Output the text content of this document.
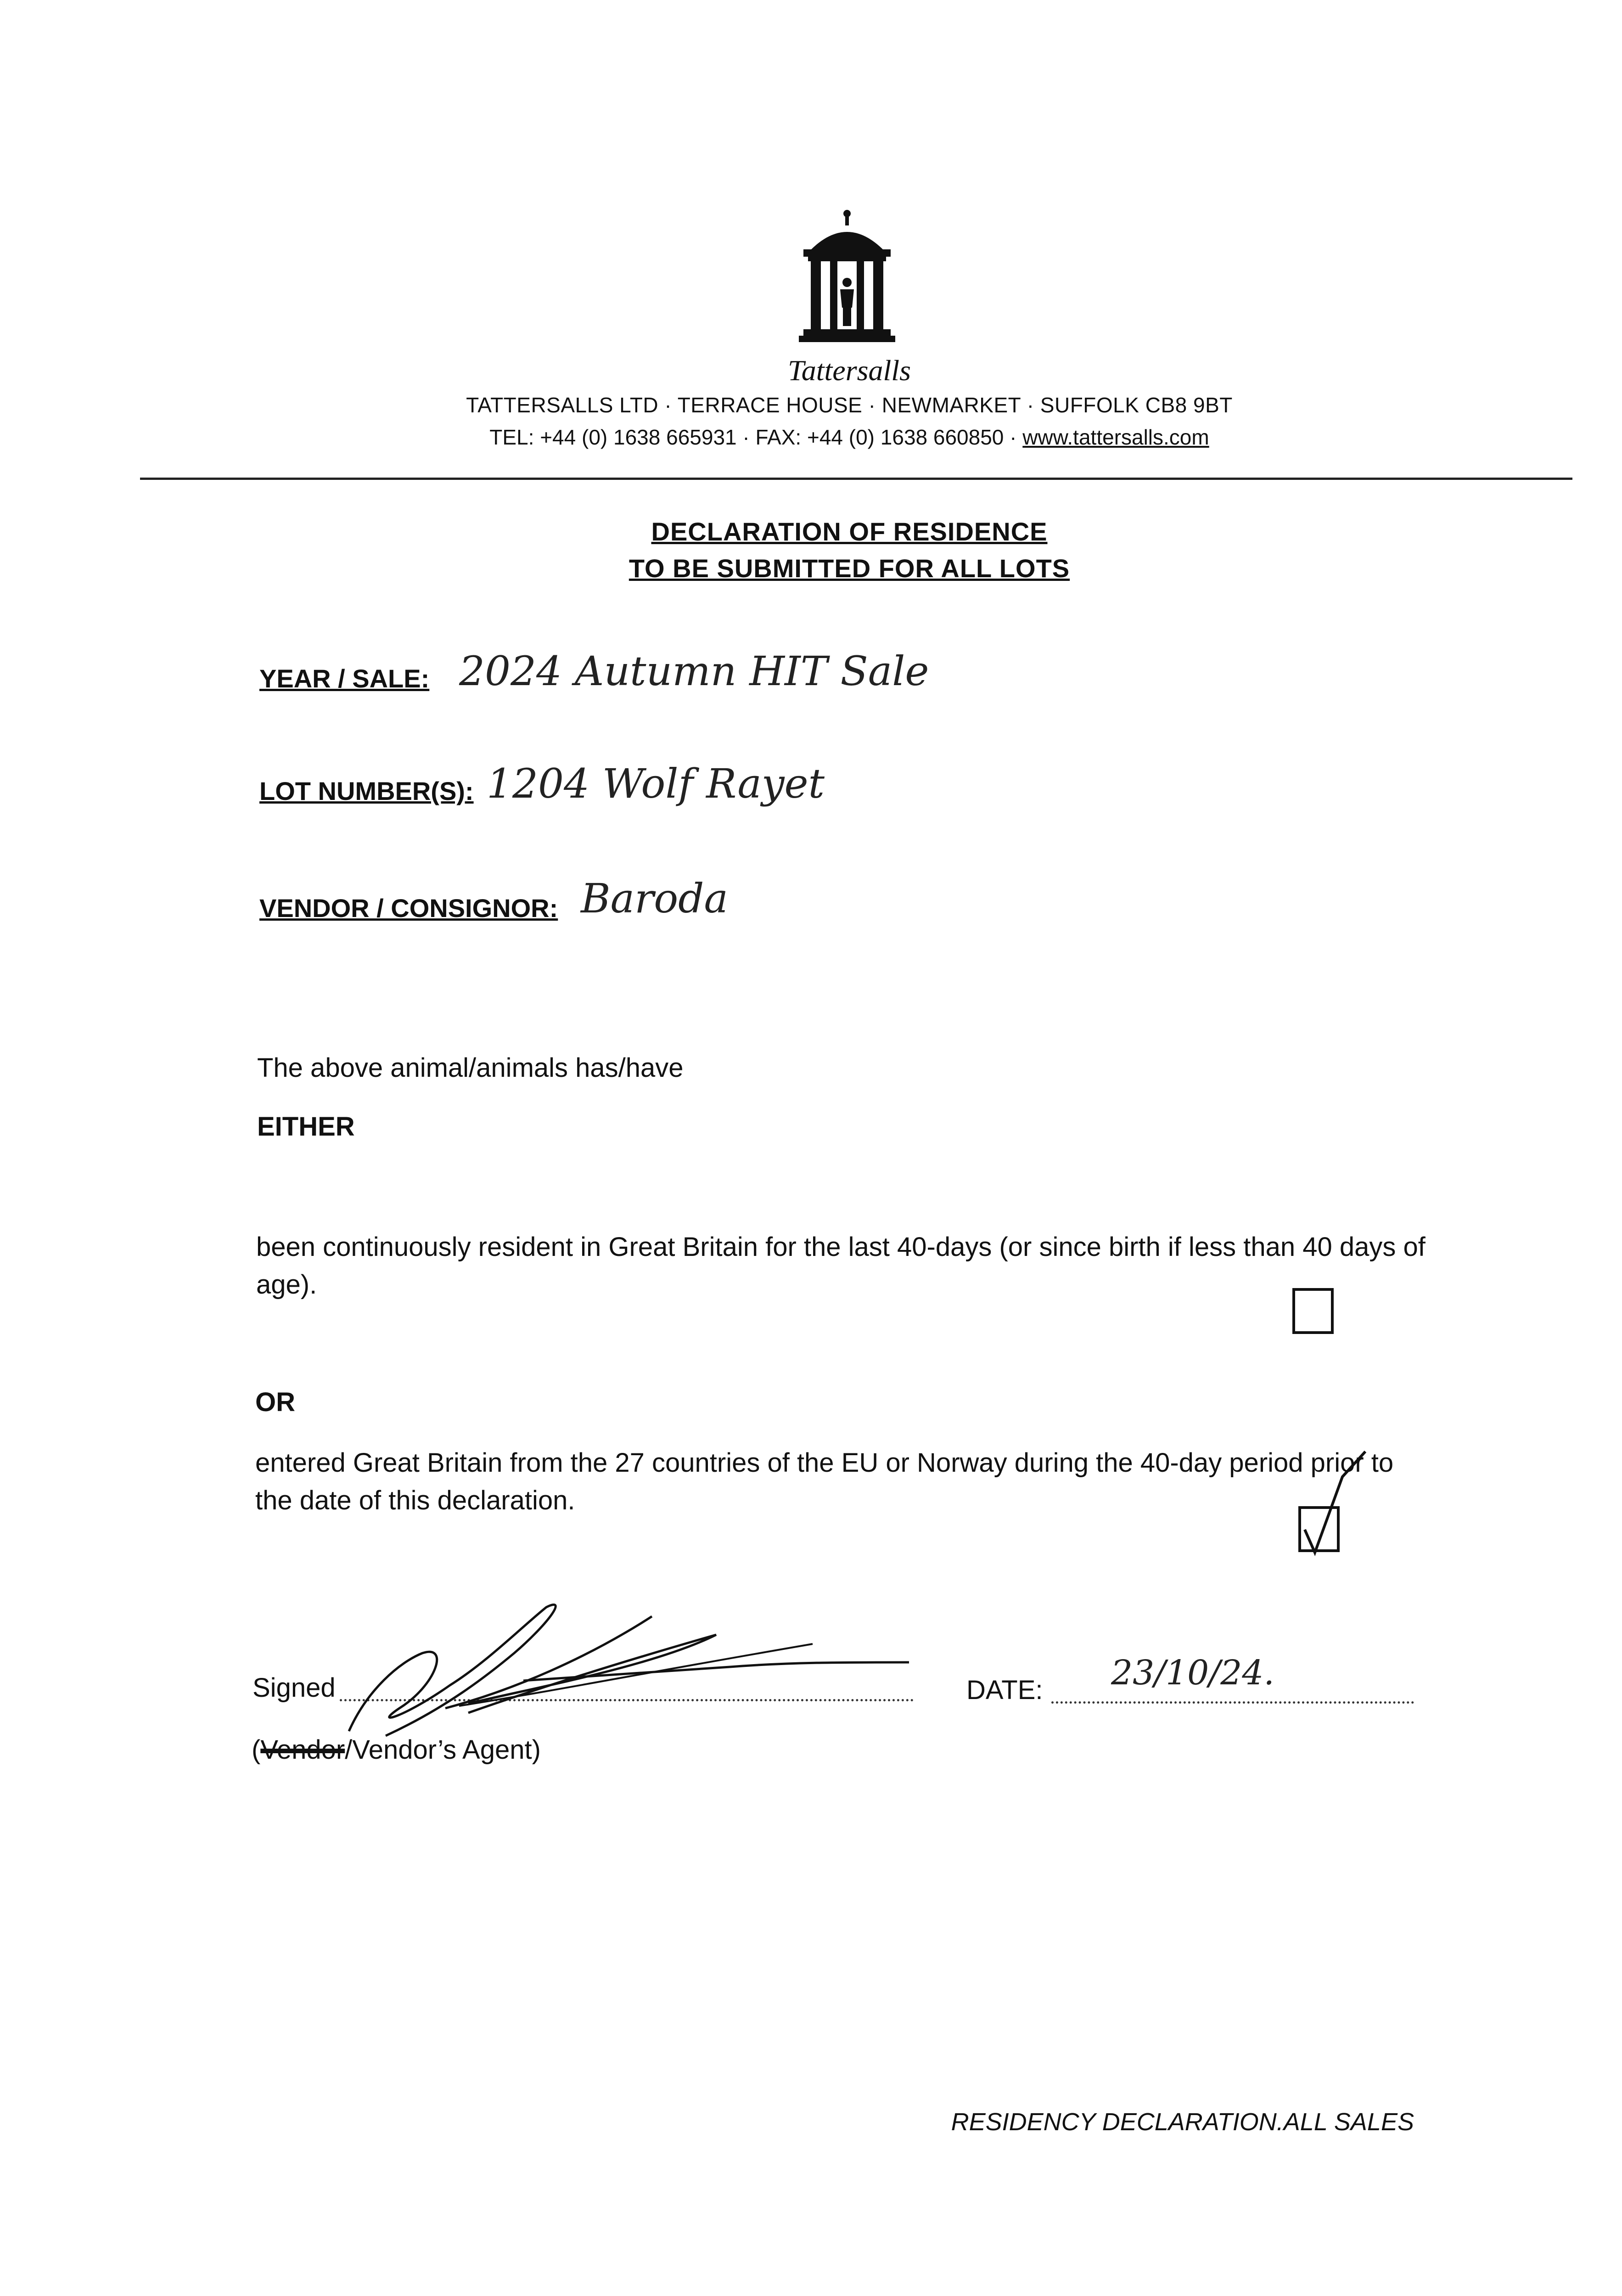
Tattersalls
TATTERSALLS LTD · TERRACE HOUSE · NEWMARKET · SUFFOLK CB8 9BT
TEL: +44 (0) 1638 665931 · FAX: +44 (0) 1638 660850 · www.tattersalls.com
DECLARATION OF RESIDENCE
TO BE SUBMITTED FOR ALL LOTS
YEAR / SALE: 2024 Autumn HIT Sale
LOT NUMBER(S): 1204 Wolf Rayet
VENDOR / CONSIGNOR: Baroda
The above animal/animals has/have
EITHER
been continuously resident in Great Britain for the last 40-days (or since birth if less than 40 days of age).
OR
entered Great Britain from the 27 countries of the EU or Norway during the 40-day period prior to the date of this declaration.
Signed	DATE: 23/10/24.
(Vendor/Vendor’s Agent)
RESIDENCY DECLARATION.ALL SALES
